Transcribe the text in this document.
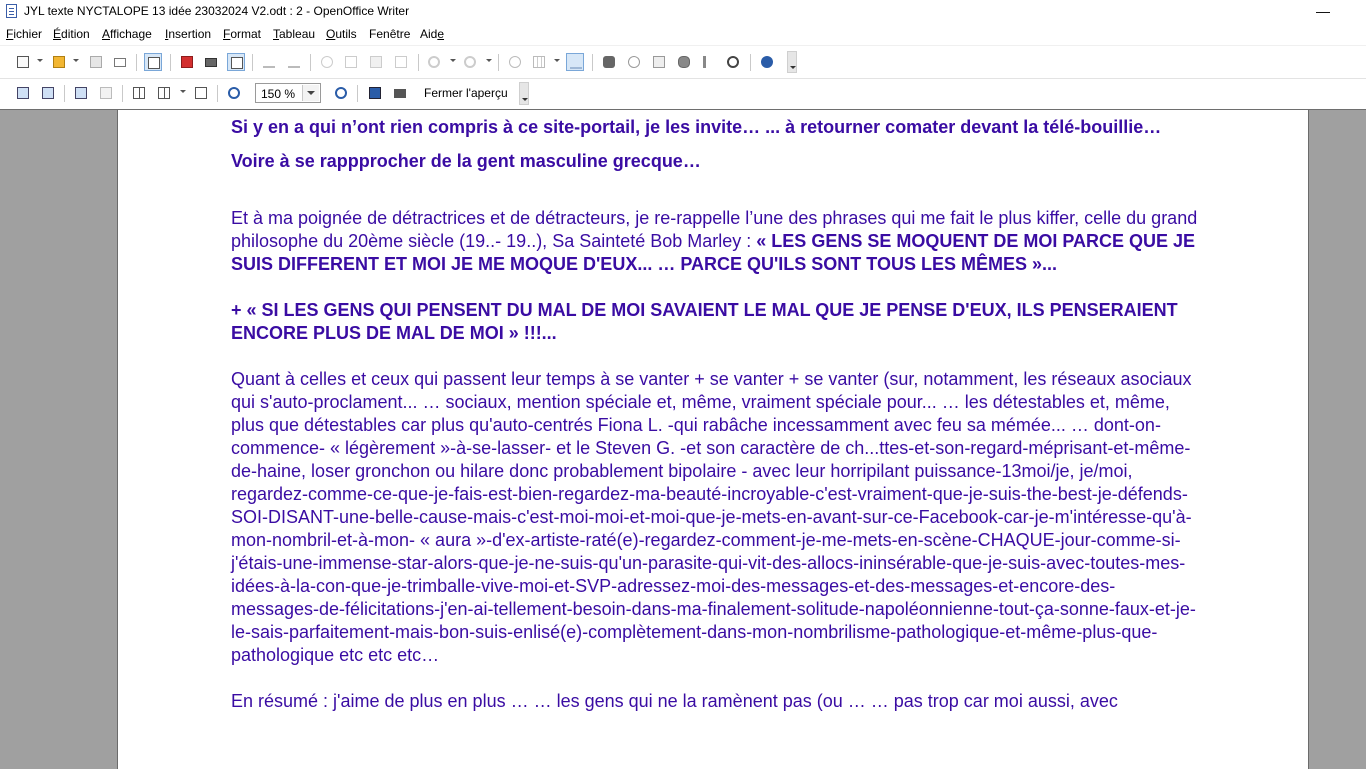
JYL texte NYCTALOPE 13 idée 23032024 V2.odt : 2 - OpenOffice Writer	—
Fichier Édition Affichage Insertion Format Tableau Outils Fenêtre Aide
150 %	Fermer l'aperçu

Si y en a qui n’ont rien compris à ce site-portail, je les invite… ... à retourner comater devant la télé-bouillie…

Voire à se rappprocher de la gent masculine grecque…

Et à ma poignée de détractrices et de détracteurs, je re-rappelle l’une des phrases qui me fait le plus kiffer, celle du grand philosophe du 20ème siècle (19..- 19..), Sa Sainteté Bob Marley : « LES GENS SE MOQUENT DE MOI PARCE QUE JE SUIS DIFFERENT ET MOI JE ME MOQUE D'EUX... … PARCE QU'ILS SONT TOUS LES MÊMES »...

+ « SI LES GENS QUI PENSENT DU MAL DE MOI SAVAIENT LE MAL QUE JE PENSE D'EUX, ILS PENSERAIENT ENCORE PLUS DE MAL DE MOI » !!!...

Quant à celles et ceux qui passent leur temps à se vanter + se vanter + se vanter (sur, notamment, les réseaux asociaux qui s'auto-proclament... … sociaux, mention spéciale et, même, vraiment spéciale pour... … les détestables et, même, plus que détestables car plus qu'auto-centrés Fiona L. -qui rabâche incessamment avec feu sa mémée... … dont-on-commence- « légèrement »-à-se-lasser- et le Steven G. -et son caractère de ch...ttes-et-son-regard-méprisant-et-même-de-haine, loser gronchon ou hilare donc probablement bipolaire - avec leur horripilant puissance-13moi/je, je/moi, regardez-comme-ce-que-je-fais-est-bien-regardez-ma-beauté-incroyable-c'est-vraiment-que-je-suis-the-best-je-défends-SOI-DISANT-une-belle-cause-mais-c'est-moi-moi-et-moi-que-je-mets-en-avant-sur-ce-Facebook-car-je-m'intéresse-qu'à-mon-nombril-et-à-mon- « aura »-d'ex-artiste-raté(e)-regardez-comment-je-me-mets-en-scène-CHAQUE-jour-comme-si-j'étais-une-immense-star-alors-que-je-ne-suis-qu'un-parasite-qui-vit-des-allocs-ininsérable-que-je-suis-avec-toutes-mes-idées-à-la-con-que-je-trimballe-vive-moi-et-SVP-adressez-moi-des-messages-et-des-messages-et-encore-des-messages-de-félicitations-j'en-ai-tellement-besoin-dans-ma-finalement-solitude-napoléonnienne-tout-ça-sonne-faux-et-je-le-sais-parfaitement-mais-bon-suis-enlisé(e)-complètement-dans-mon-nombrilisme-pathologique-et-même-plus-que-pathologique etc etc etc…

En résumé : j'aime de plus en plus … … les gens qui ne la ramènent pas (ou … … pas trop car moi aussi, avec
